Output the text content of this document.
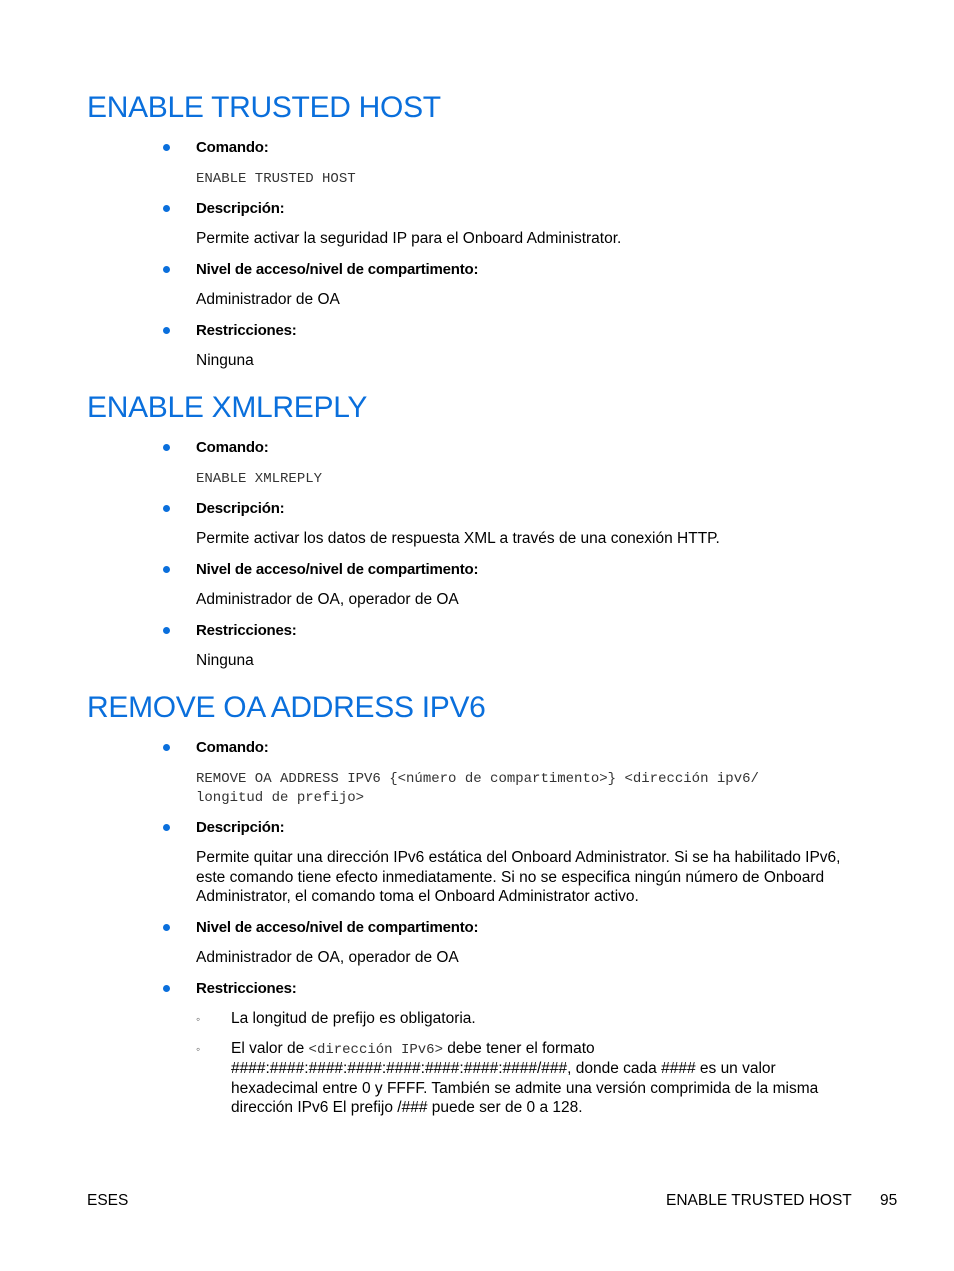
ENABLE TRUSTED HOST
Comando:
ENABLE TRUSTED HOST
Descripción:
Permite activar la seguridad IP para el Onboard Administrator.
Nivel de acceso/nivel de compartimento:
Administrador de OA
Restricciones:
Ninguna
ENABLE XMLREPLY
Comando:
ENABLE XMLREPLY
Descripción:
Permite activar los datos de respuesta XML a través de una conexión HTTP.
Nivel de acceso/nivel de compartimento:
Administrador de OA, operador de OA
Restricciones:
Ninguna
REMOVE OA ADDRESS IPV6
Comando:
REMOVE OA ADDRESS IPV6 {<número de compartimento>} <dirección ipv6/
longitud de prefijo>
Descripción:
Permite quitar una dirección IPv6 estática del Onboard Administrator. Si se ha habilitado IPv6,
este comando tiene efecto inmediatamente. Si no se especifica ningún número de Onboard
Administrator, el comando toma el Onboard Administrator activo.
Nivel de acceso/nivel de compartimento:
Administrador de OA, operador de OA
Restricciones:
◦ La longitud de prefijo es obligatoria.
◦ El valor de <dirección IPv6> debe tener el formato
####:####:####:####:####:####:####:####/###, donde cada #### es un valor
hexadecimal entre 0 y FFFF. También se admite una versión comprimida de la misma
dirección IPv6 El prefijo /### puede ser de 0 a 128.
ESES	ENABLE TRUSTED HOST 95
